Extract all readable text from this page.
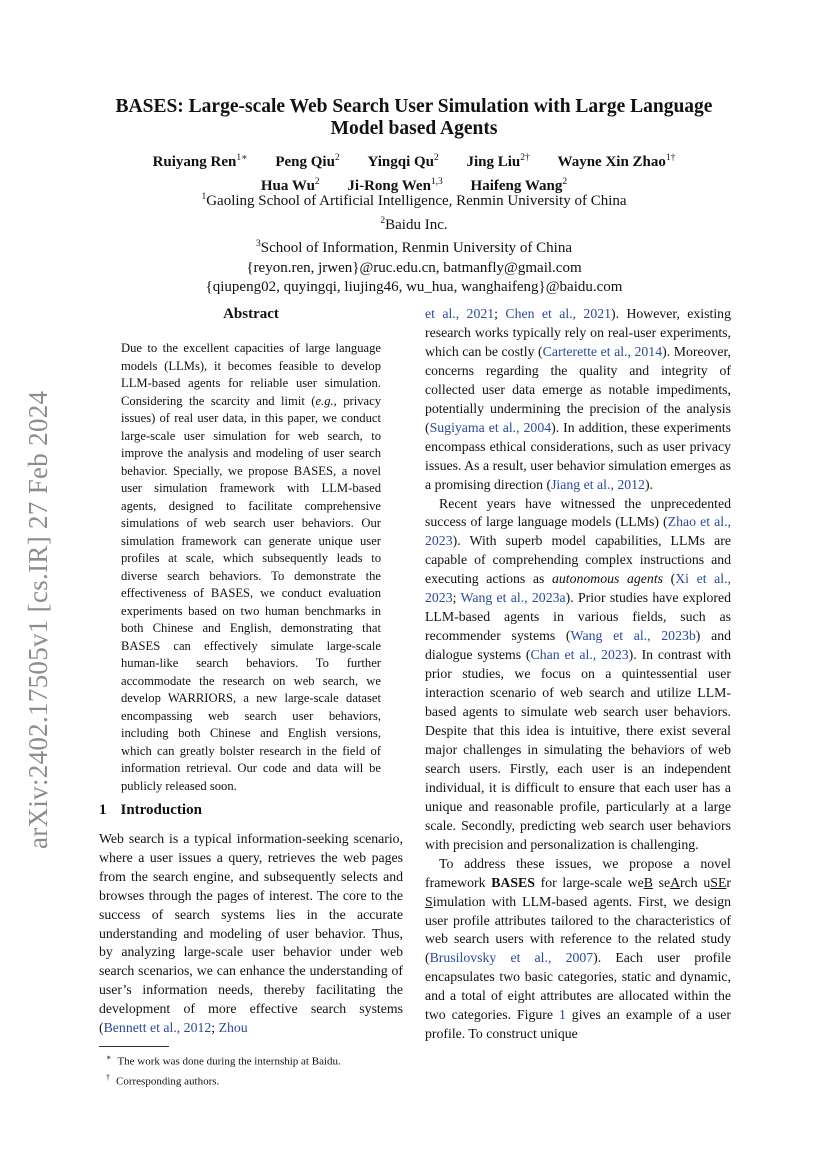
arXiv:2402.17505v1 [cs.IR] 27 Feb 2024
BASES: Large-scale Web Search User Simulation with Large Language
Model based Agents
Ruiyang Ren$^{1∗}$ Peng Qiu$^2$ Yingqi Qu$^2$ Jing Liu$^{2\dagger}$ Wayne Xin Zhao$^{1\dagger}$
Hua Wu$^2$ Ji-Rong Wen$^{1,3}$ Haifeng Wang$^2$
$^1$Gaoling School of Artificial Intelligence, Renmin University of China
$^2$Baidu Inc.
$^3$School of Information, Renmin University of China
{reyon.ren, jrwen}@ruc.edu.cn, batmanfly@gmail.com
{qiupeng02, quyingqi, liujing46, wu_hua, wanghaifeng}@baidu.com
Abstract
Due to the excellent capacities of large language models (LLMs), it becomes feasible to develop LLM-based agents for reliable user simulation. Considering the scarcity and limit (e.g., privacy issues) of real user data, in this paper, we conduct large-scale user simulation for web search, to improve the analysis and modeling of user search behavior. Specially, we propose BASES, a novel user simulation framework with LLM-based agents, designed to facilitate comprehensive simulations of web search user behaviors. Our simulation framework can generate unique user profiles at scale, which subsequently leads to diverse search behaviors. To demonstrate the effectiveness of BASES, we conduct evaluation experiments based on two human benchmarks in both Chinese and English, demonstrating that BASES can effectively simulate large-scale human-like search behaviors. To further accommodate the research on web search, we develop WARRIORS, a new large-scale dataset encompassing web search user behaviors, including both Chinese and English versions, which can greatly bolster research in the field of information retrieval. Our code and data will be publicly released soon.
1 Introduction
Web search is a typical information-seeking scenario, where a user issues a query, retrieves the web pages from the search engine, and subsequently selects and browses through the pages of interest. The core to the success of search systems lies in the accurate understanding and modeling of user behavior. Thus, by analyzing large-scale user behavior under web search scenarios, we can enhance the understanding of user’s information needs, thereby facilitating the development of more effective search systems (Bennett et al., 2012; Zhou
∗ The work was done during the internship at Baidu.
† Corresponding authors.

et al., 2021; Chen et al., 2021). However, existing research works typically rely on real-user experiments, which can be costly (Carterette et al., 2014). Moreover, concerns regarding the quality and integrity of collected user data emerge as notable impediments, potentially undermining the precision of the analysis (Sugiyama et al., 2004). In addition, these experiments encompass ethical considerations, such as user privacy issues. As a result, user behavior simulation emerges as a promising direction (Jiang et al., 2012).

Recent years have witnessed the unprecedented success of large language models (LLMs) (Zhao et al., 2023). With superb model capabilities, LLMs are capable of comprehending complex instructions and executing actions as autonomous agents (Xi et al., 2023; Wang et al., 2023a). Prior studies have explored LLM-based agents in various fields, such as recommender systems (Wang et al., 2023b) and dialogue systems (Chan et al., 2023). In contrast with prior studies, we focus on a quintessential user interaction scenario of web search and utilize LLM-based agents to simulate web search user behaviors. Despite that this idea is intuitive, there exist several major challenges in simulating the behaviors of web search users. Firstly, each user is an independent individual, it is difficult to ensure that each user has a unique and reasonable profile, particularly at a large scale. Secondly, predicting web search user behaviors with precision and personalization is challenging.

To address these issues, we propose a novel framework BASES for large-scale weB seArch uSEr Simulation with LLM-based agents. First, we design user profile attributes tailored to the characteristics of web search users with reference to the related study (Brusilovsky et al., 2007). Each user profile encapsulates two basic categories, static and dynamic, and a total of eight attributes are allocated within the two categories. Figure 1 gives an example of a user profile. To construct unique
